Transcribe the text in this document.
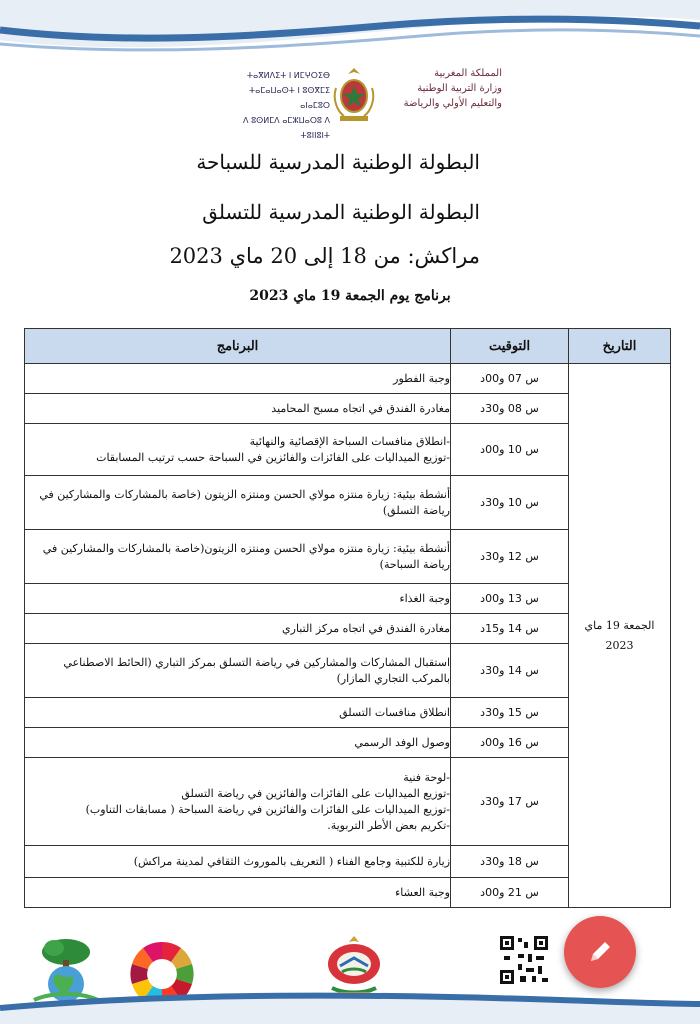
ⵜⴰⴳⵍⴷⵉⵜ ⵏ ⵍⵎⵖⵔⵉⴱ
ⵜⴰⵎⴰⵡⴰⵙⵜ ⵏ ⵓⵙⴳⵎⵉ ⴰⵏⴰⵎⵓⵔ
ⴷ ⵓⵙⵍⵎⴷ ⴰⵎⵣⵡⴰⵔⵓ ⴷ ⵜⵓⵏⵏⵓⵏⵜ
المملكة المغربية
وزارة التربية الوطنية
والتعليم الأولي والرياضة
البطولة الوطنية المدرسية للسباحة
البطولة الوطنية المدرسية للتسلق
مراكش: من 18 إلى 20 ماي 2023
برنامج يوم الجمعة 19 ماي 2023
التاريخ	التوقيت	البرنامج

الجمعة 19 ماي
2023	س 07 و00د	وجبة الفطور

	س 08 و30د	مغادرة الفندق في اتجاه مسبح المحاميد

	س 10 و00د	-انطلاق منافسات السباحة الإقصائية والنهائية
-توزيع الميداليات على الفائزات والفائزين في السباحة حسب ترتيب المسابقات

	س 10 و30د	أنشطة بيئية: زيارة منتزه مولاي الحسن ومنتزه الزيتون (خاصة بالمشاركات والمشاركين في رياضة التسلق)

	س 12 و30د	أنشطة بيئية: زيارة منتزه مولاي الحسن ومنتزه الزيتون(خاصة بالمشاركات والمشاركين في رياضة السباحة)

	س 13 و00د	وجبة الغذاء

	س 14 و15د	مغادرة الفندق في اتجاه مركز التباري

	س 14 و30د	استقبال المشاركات والمشاركين في رياضة التسلق بمركز التباري (الحائط الاصطناعي بالمركب التجاري المازار)

	س 15 و30د	انطلاق منافسات التسلق

	س 16 و00د	وصول الوفد الرسمي

	س 17 و30د	-لوحة فنية
-توزيع الميداليات على الفائزات والفائزين في رياضة التسلق
-توزيع الميداليات على الفائزات والفائزين في رياضة السباحة ( مسابقات التناوب)
-تكريم بعض الأطر التربوية.

	س 18 و30د	زيارة للكتبية وجامع الفناء ( التعريف بالموروث الثقافي لمدينة مراكش)

	س 21 و00د	وجبة العشاء
